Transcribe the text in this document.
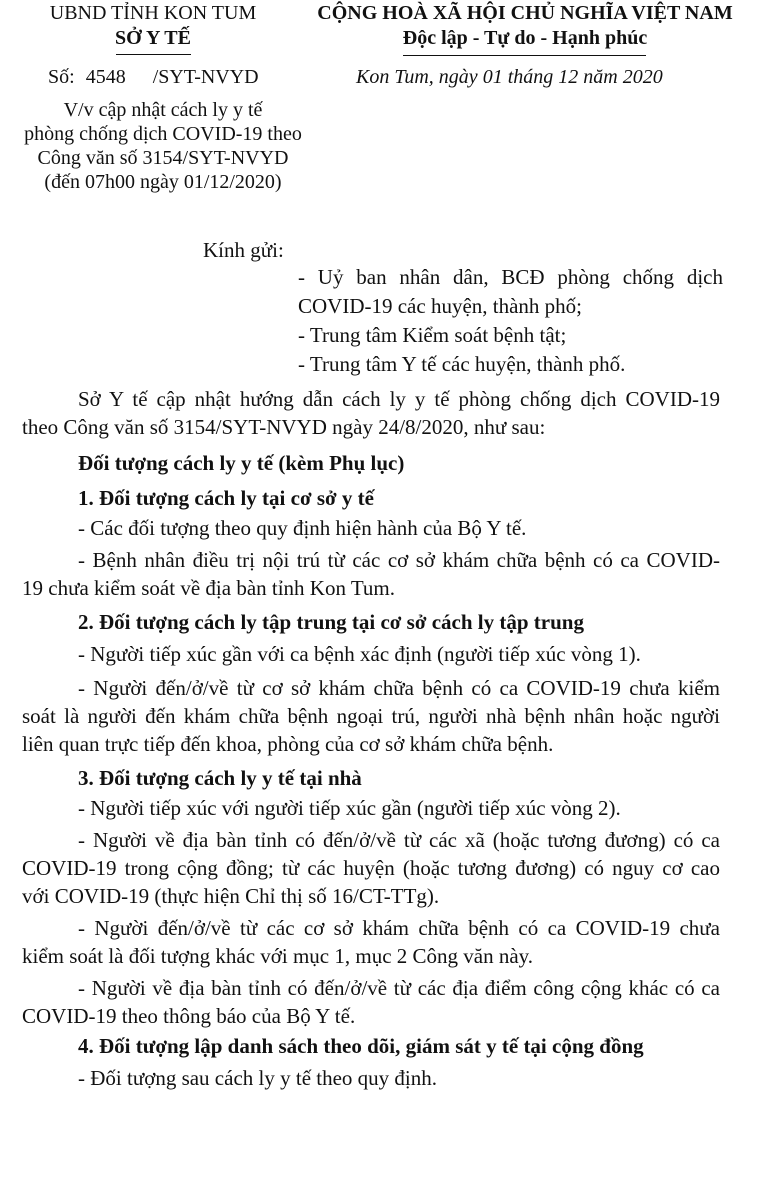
UBND TỈNH KON TUM
SỞ Y TẾ
CỘNG HOÀ XÃ HỘI CHỦ NGHĨA VIỆT NAM
Độc lập - Tự do - Hạnh phúc
Số: 4548 /SYT-NVYD	Kon Tum, ngày 01 tháng 12 năm 2020
V/v cập nhật cách ly y tế
phòng chống dịch COVID-19 theo
Công văn số 3154/SYT-NVYD
(đến 07h00 ngày 01/12/2020)
Kính gửi:
- Uỷ ban nhân dân, BCĐ phòng chống dịch
COVID-19 các huyện, thành phố;
- Trung tâm Kiểm soát bệnh tật;
- Trung tâm Y tế các huyện, thành phố.
Sở Y tế cập nhật hướng dẫn cách ly y tế phòng chống dịch COVID-19
theo Công văn số 3154/SYT-NVYD ngày 24/8/2020, như sau:
Đối tượng cách ly y tế (kèm Phụ lục)
1. Đối tượng cách ly tại cơ sở y tế
- Các đối tượng theo quy định hiện hành của Bộ Y tế.
- Bệnh nhân điều trị nội trú từ các cơ sở khám chữa bệnh có ca COVID-
19 chưa kiểm soát về địa bàn tỉnh Kon Tum.
2. Đối tượng cách ly tập trung tại cơ sở cách ly tập trung
- Người tiếp xúc gần với ca bệnh xác định (người tiếp xúc vòng 1).
- Người đến/ở/về từ cơ sở khám chữa bệnh có ca COVID-19 chưa kiểm
soát là người đến khám chữa bệnh ngoại trú, người nhà bệnh nhân hoặc người
liên quan trực tiếp đến khoa, phòng của cơ sở khám chữa bệnh.
3. Đối tượng cách ly y tế tại nhà
- Người tiếp xúc với người tiếp xúc gần (người tiếp xúc vòng 2).
- Người về địa bàn tỉnh có đến/ở/về từ các xã (hoặc tương đương) có ca
COVID-19 trong cộng đồng; từ các huyện (hoặc tương đương) có nguy cơ cao
với COVID-19 (thực hiện Chỉ thị số 16/CT-TTg).
- Người đến/ở/về từ các cơ sở khám chữa bệnh có ca COVID-19 chưa
kiểm soát là đối tượng khác với mục 1, mục 2 Công văn này.
- Người về địa bàn tỉnh có đến/ở/về từ các địa điểm công cộng khác có ca
COVID-19 theo thông báo của Bộ Y tế.
4. Đối tượng lập danh sách theo dõi, giám sát y tế tại cộng đồng
- Đối tượng sau cách ly y tế theo quy định.
